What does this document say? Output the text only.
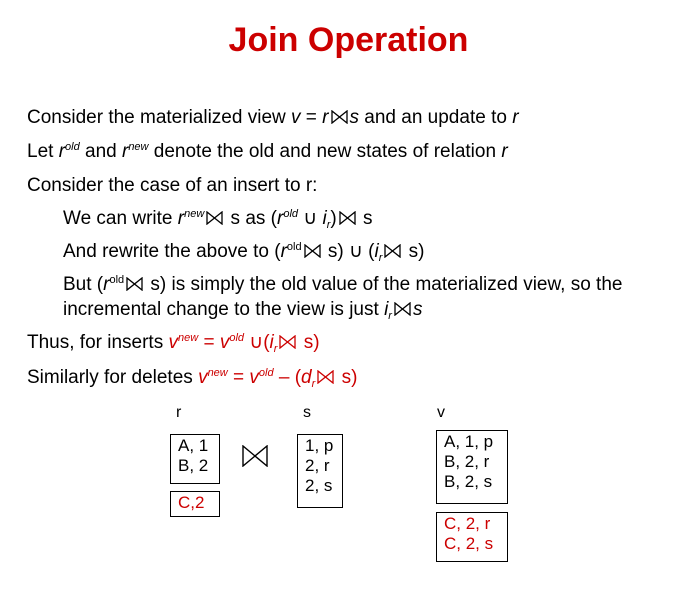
Join Operation
Consider the materialized view v = r s and an update to r
Let $r^{old}$ and $r^{new}$ denote the old and new states of relation r
Consider the case of an insert to r:
We can write $r^{new}$
s as ($r^{old}$ ∪ $i_r$)
s
And rewrite the above to ($r^{old}$
s) ∪ ($i_r$
s)
But ($r^{old}$
s) is simply the old value of the materialized view, so the
incremental change to the view is just $i_r$ s
Thus, for inserts $v^{new} = v^{old}$ $\cup(i_r$
s)
Similarly for deletes $v^{new} = v^{old} - (d_r$
s)
r	s	v
A, 1
B, 2
C,2
1, p
2, r
2, s
A, 1, p
B, 2, r
B, 2, s
C, 2, r
C, 2, s
